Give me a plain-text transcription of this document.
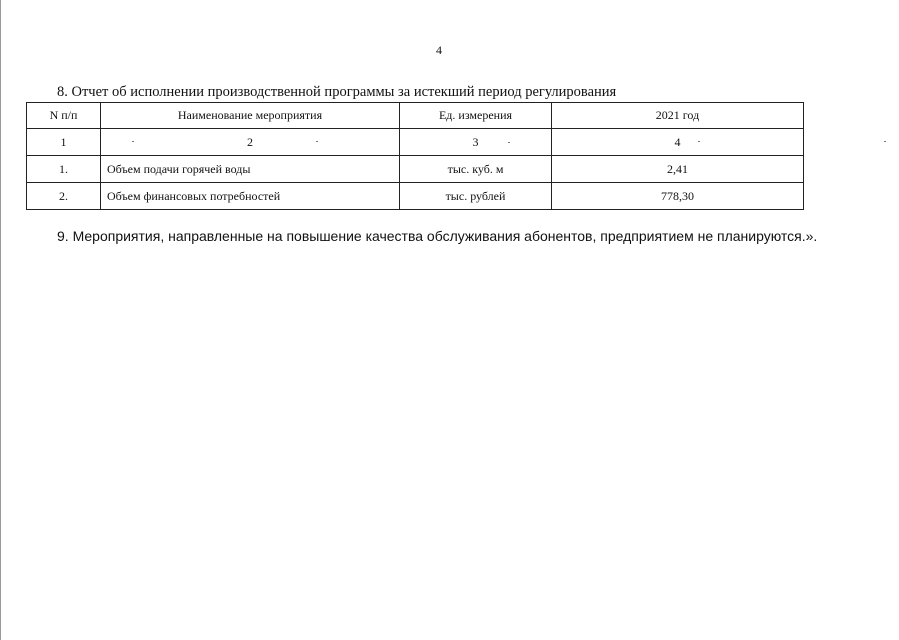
4
8. Отчет об исполнении производственной программы за истекший период регулирования
N п/п	Наименование мероприятия	Ед. измерения	2021 год
1	2	3	4
1.	Объем подачи горячей воды	тыс. куб. м	2,41
2.	Объем финансовых потребностей	тыс. рублей	778,30
9. Мероприятия, направленные на повышение качества обслуживания абонентов, предприятием не планируются.».
